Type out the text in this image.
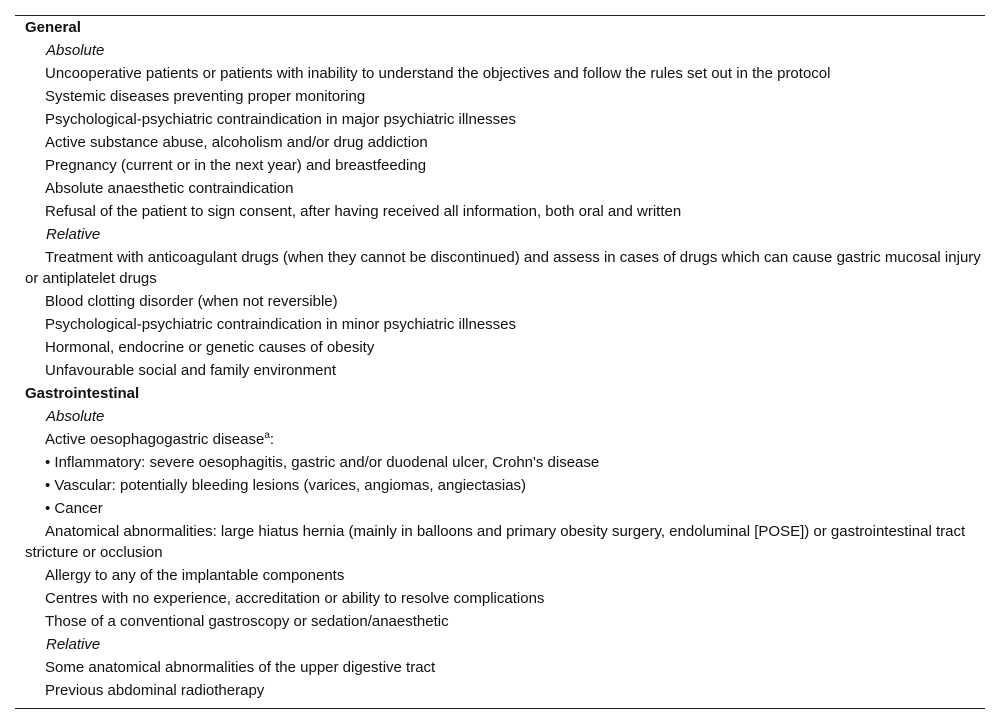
General
Absolute
Uncooperative patients or patients with inability to understand the objectives and follow the rules set out in the protocol
Systemic diseases preventing proper monitoring
Psychological-psychiatric contraindication in major psychiatric illnesses
Active substance abuse, alcoholism and/or drug addiction
Pregnancy (current or in the next year) and breastfeeding
Absolute anaesthetic contraindication
Refusal of the patient to sign consent, after having received all information, both oral and written
Relative
Treatment with anticoagulant drugs (when they cannot be discontinued) and assess in cases of drugs which can cause gastric mucosal injury or antiplatelet drugs
Blood clotting disorder (when not reversible)
Psychological-psychiatric contraindication in minor psychiatric illnesses
Hormonal, endocrine or genetic causes of obesity
Unfavourable social and family environment
Gastrointestinal
Absolute
Active oesophagogastric disease$^a$:
• Inflammatory: severe oesophagitis, gastric and/or duodenal ulcer, Crohn's disease
• Vascular: potentially bleeding lesions (varices, angiomas, angiectasias)
• Cancer
Anatomical abnormalities: large hiatus hernia (mainly in balloons and primary obesity surgery, endoluminal [POSE]) or gastrointestinal tract stricture or occlusion
Allergy to any of the implantable components
Centres with no experience, accreditation or ability to resolve complications
Those of a conventional gastroscopy or sedation/anaesthetic
Relative
Some anatomical abnormalities of the upper digestive tract
Previous abdominal radiotherapy
